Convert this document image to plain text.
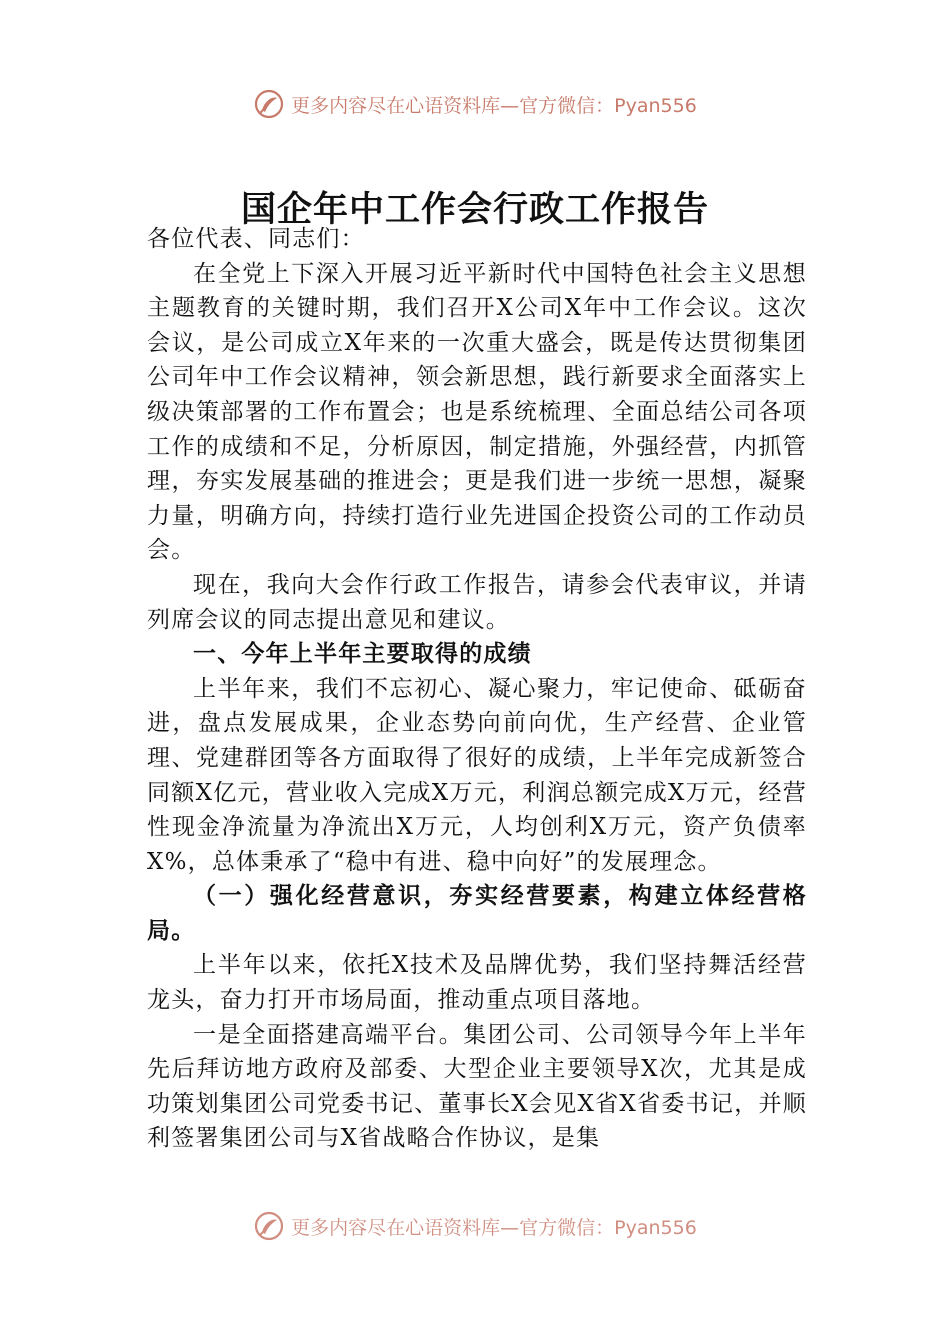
更多内容尽在心语资料库—官方微信：Pyan556
国企年中工作会行政工作报告

各位代表、同志们：

在全党上下深入开展习近平新时代中国特色社会主义思想主题教育的关键时期，我们召开X公司X年中工作会议。这次会议，是公司成立X年来的一次重大盛会，既是传达贯彻集团公司年中工作会议精神，领会新思想，践行新要求全面落实上级决策部署的工作布置会；也是系统梳理、全面总结公司各项工作的成绩和不足，分析原因，制定措施，外强经营，内抓管理，夯实发展基础的推进会；更是我们进一步统一思想，凝聚力量，明确方向，持续打造行业先进国企投资公司的工作动员会。

现在，我向大会作行政工作报告，请参会代表审议，并请列席会议的同志提出意见和建议。

一、今年上半年主要取得的成绩

上半年来，我们不忘初心、凝心聚力，牢记使命、砥砺奋进，盘点发展成果，企业态势向前向优，生产经营、企业管理、党建群团等各方面取得了很好的成绩，上半年完成新签合同额X亿元，营业收入完成X万元，利润总额完成X万元，经营性现金净流量为净流出X万元，人均创利X万元，资产负债率X%，总体秉承了“稳中有进、稳中向好”的发展理念。

（一）强化经营意识，夯实经营要素，构建立体经营格局。

上半年以来，依托X技术及品牌优势，我们坚持舞活经营龙头，奋力打开市场局面，推动重点项目落地。

一是全面搭建高端平台。集团公司、公司领导今年上半年先后拜访地方政府及部委、大型企业主要领导X次，尤其是成功策划集团公司党委书记、董事长X会见X省X省委书记，并顺利签署集团公司与X省战略合作协议，是集

更多内容尽在心语资料库—官方微信：Pyan556
